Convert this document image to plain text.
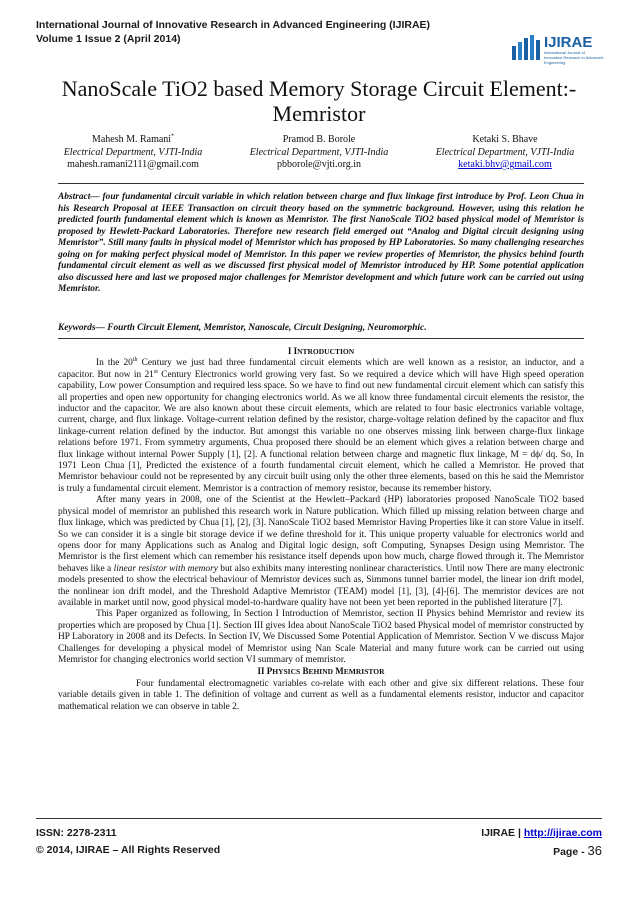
International Journal of Innovative Research in Advanced Engineering (IJIRAE)
Volume 1 Issue 2 (April 2014)	IJIRAE
International Journal of Innovative Research in Advanced Engineering
NanoScale TiO2 based Memory Storage Circuit Element:-Memristor
Mahesh M. Ramani*
Electrical Department, VJTI-India
mahesh.ramani2111@gmail.com
Pramod B. Borole
Electrical Department, VJTI-India
pbborole@vjti.org.in
Ketaki S. Bhave
Electrical Department, VJTI-India
ketaki.bhv@gmail.com
Abstract— four fundamental circuit variable in which relation between charge and flux linkage first introduce by Prof. Leon Chua in his Research Proposal at IEEE Transaction on circuit theory based on the symmetric background. However, using this relation he predicted fourth fundamental element which is known as Memristor. The first NanoScale TiO2 based physical model of Memristor is proposed by Hewlett-Packard Laboratories. Therefore new research field emerged out “Analog and Digital circuit designing using Memristor”. Still many faults in physical model of Memristor which has proposed by HP Laboratories. So many challenging researches going on for making perfect physical model of Memristor. In this paper we review properties of Memristor, the physics behind fourth fundamental circuit element as well as we discussed first physical model of Memristor introduced by HP. Some potential application also discussed here and last we proposed major challenges for Memristor development and which future work can be carried out using Memristor.
Keywords— Fourth Circuit Element, Memristor, Nanoscale, Circuit Designing, Neuromorphic.
I INTRODUCTION

In the 20th Century we just had three fundamental circuit elements which are well known as a resistor, an inductor, and a capacitor. But now in 21st Century Electronics world growing very fast. So we required a device which will have High speed operation capability, Low power Consumption and required less space. So we have to find out new fundamental circuit element which can satisfy this all properties and open new opportunity for changing electronics world. As we all know three fundamental circuit elements the resistor, the inductor and the capacitor. We are also known about these circuit elements, which are related to four basic electronics variable voltage, current, charge, and flux linkage. Voltage-current relation defined by the resistor, charge-voltage relation defined by the capacitor and flux linkage-current relation defined by the inductor. But amongst this variable no one observes missing link between charge-flux linkage relations before 1971. From symmetry arguments, Chua proposed there should be an element which gives a relation between charge and flux linkage without internal Power Supply [1], [2]. A functional relation between charge and magnetic flux linkage, M = dϕ/ dq. So, In 1971 Leon Chua [1], Predicted the existence of a fourth fundamental circuit element, which he called a Memristor. He proved that Memristor behaviour could not be represented by any circuit built using only the other three elements, based on this he said the Memristor is truly a fundamental circuit element. Memristor is a contraction of memory resistor, because its remember history.

After many years in 2008, one of the Scientist at the Hewlett–Packard (HP) laboratories proposed NanoScale TiO2 based physical model of memristor an published this research work in Nature publication. Which filled up missing relation between charge and flux linkage, which was predicted by Chua [1], [2], [3]. NanoScale TiO2 based Memristor Having Properties like it can store Value in itself. So we can consider it is a single bit storage device if we define threshold for it. This unique property valuable for electronics world and opens door for many Applications such as Analog and Digital logic design, soft Computing, Synapses Design using Memristor. The Memristor is the first element which can remember his resistance itself depends upon how much, charge flowed through it. The Memristor behaves like a linear resistor with memory but also exhibits many interesting nonlinear characteristics. Until now There are many electronic models presented to show the electrical behaviour of Memristor devices such as, Simmons tunnel barrier model, the linear ion drift model, the nonlinear ion drift model, and the Threshold Adaptive Memristor (TEAM) model [1], [3], [4]-[6]. The memristor devices are not available in market until now, good physical model-to-hardware quality have not been yet been reported in the published literature [7].

This Paper organized as following, In Section I Introduction of Memristor, section II Physics behind Memristor and review its properties which are proposed by Chua [1]. Section III gives Idea about NanoScale TiO2 based Physical model of memristor constructed by HP Laboratory in 2008 and its Defects. In Section IV, We Discussed Some Potential Application of Memristor. Section V we discuss Major Challenges for developing a physical model of Memristor using Nan Scale Material and many future work can be carried out using Memristor for changing electronics world section VI summary of memristor.

II PHYSICS BEHIND MEMRISTOR

Four fundamental electromagnetic variables co-relate with each other and give six different relations. These four variable details given in table 1. The definition of voltage and current as well as a fundamental elements resistor, inductor and capacitor mathematical relation we can observe in table 2.

ISSN: 2278-2311
© 2014, IJIRAE – All Rights Reserved
IJIRAE | http://ijirae.com
Page - 36
